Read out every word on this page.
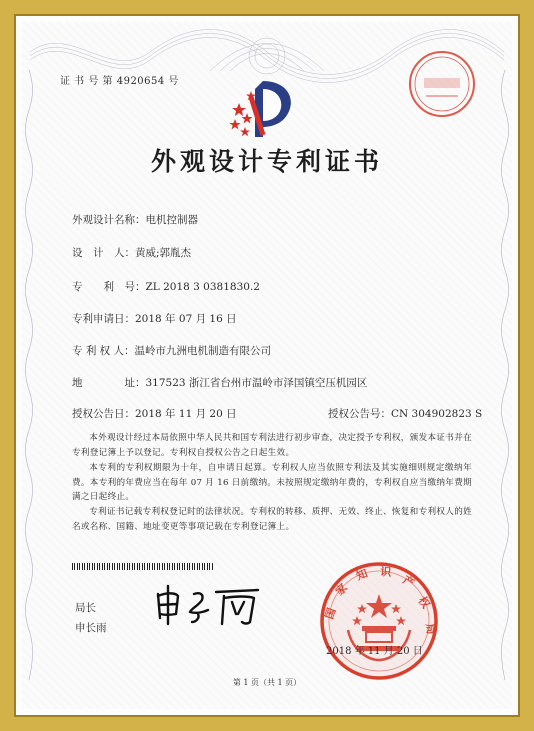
证 书 号 第 4920654 号
外观设计专利证书
外观设计名称：电机控制器
设　计　人：黄威;郭胤杰
专　　利　号：ZL 2018 3 0381830.2
专利申请日：2018 年 07 月 16 日
专 利 权 人：温岭市九洲电机制造有限公司
地　　　　址：317523 浙江省台州市温岭市泽国镇空压机园区
授权公告日：2018 年 11 月 20 日	授权公告号：CN 304902823 S
本外观设计经过本局依照中华人民共和国专利法进行初步审查，决定授予专利权，颁发本证书并在专利登记簿上予以登记。专利权自授权公告之日起生效。
本专利的专利权期限为十年，自申请日起算。专利权人应当依照专利法及其实施细则规定缴纳年费。本专利的年费应当在每年 07 月 16 日前缴纳。未按照规定缴纳年费的，专利权自应当缴纳年费期满之日起终止。
专利证书记载专利权登记时的法律状况。专利权的转移、质押、无效、终止、恢复和专利权人的姓名或名称、国籍、地址变更等事项记载在专利登记簿上。
局长
申长雨
国
家
知 识
产
权
局
2018 年 11 月 20 日
第 1 页（共 1 页）
